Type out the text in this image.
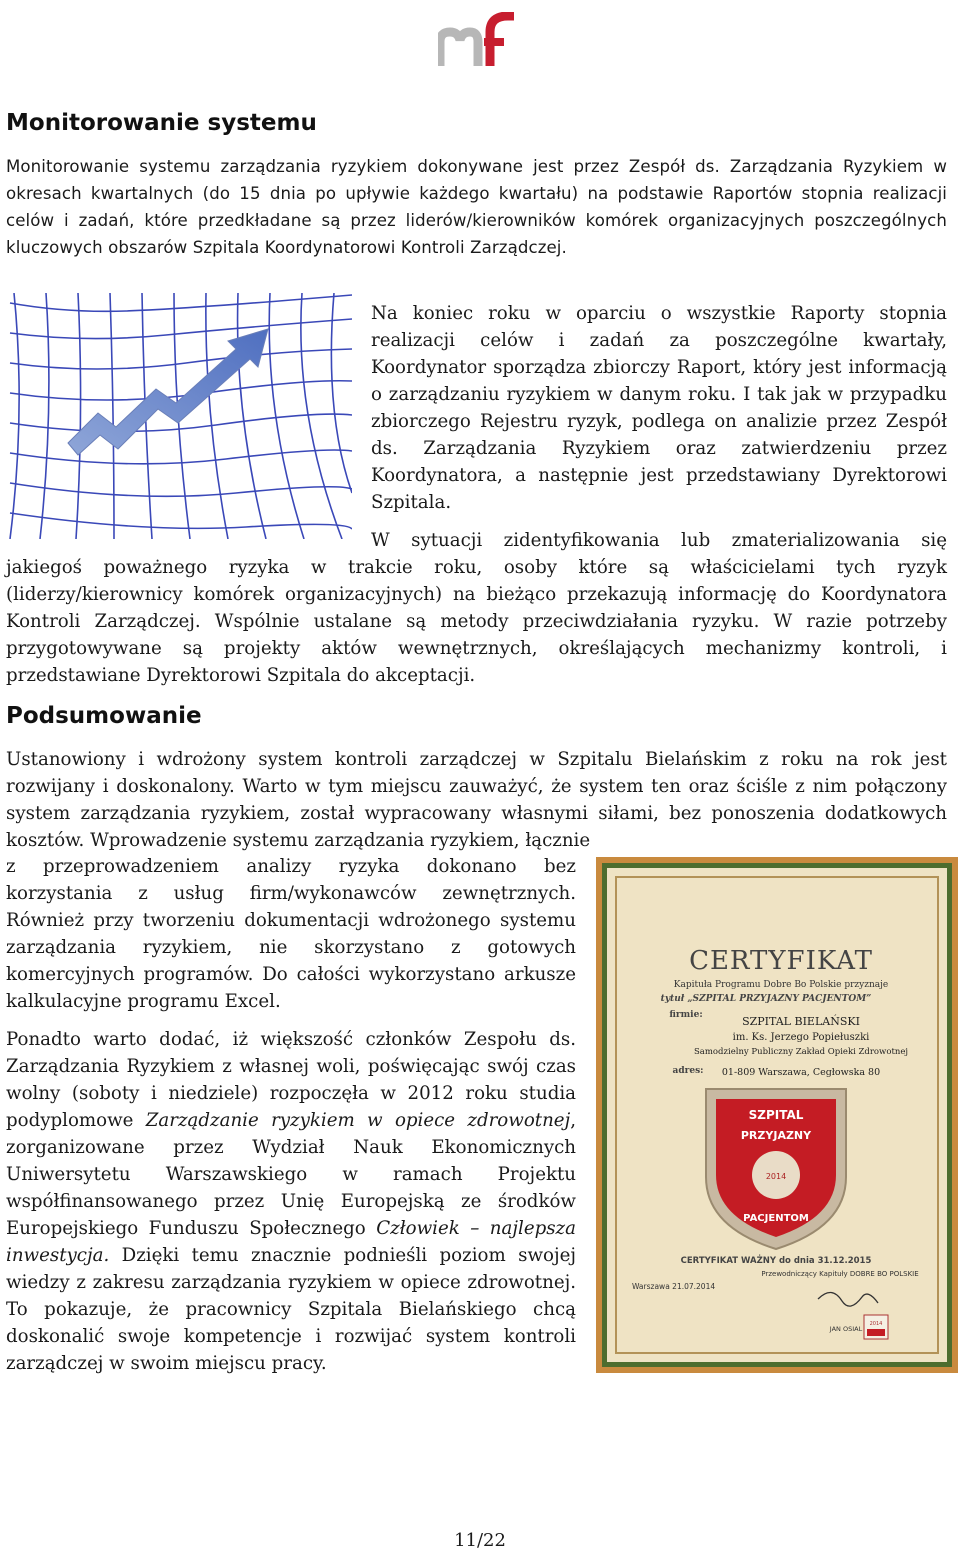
Monitorowanie systemu

Monitorowanie systemu zarządzania ryzykiem dokonywane jest przez Zespół ds. Zarządzania Ryzykiem w okresach kwartalnych (do 15 dnia po upływie każdego kwartału) na podstawie Raportów stopnia realizacji celów i zadań, które przedkładane są przez liderów/kierowników komórek organizacyjnych poszczególnych kluczowych obszarów Szpitala Koordynatorowi Kontroli Zarządczej.

Na koniec roku w oparciu o wszystkie Raporty stopnia realizacji celów i zadań za poszczególne kwartały, Koordynator sporządza zbiorczy Raport, który jest informacją o zarządzaniu ryzykiem w danym roku. I tak jak w przypadku zbiorczego Rejestru ryzyk, podlega on analizie przez Zespół ds. Zarządzania Ryzykiem oraz zatwierdzeniu przez Koordynatora, a następnie jest przedstawiany Dyrektorowi Szpitala.

W sytuacji zidentyfikowania lub zmaterializowania się jakiegoś poważnego ryzyka w trakcie roku, osoby które są właścicielami tych ryzyk (liderzy/kierownicy komórek organizacyjnych) na bieżąco przekazują informację do Koordynatora Kontroli Zarządczej. Wspólnie ustalane są metody przeciwdziałania ryzyku. W razie potrzeby przygotowywane są projekty aktów wewnętrznych, określających mechanizmy kontroli, i przedstawiane Dyrektorowi Szpitala do akceptacji.

Podsumowanie

Ustanowiony i wdrożony system kontroli zarządczej w Szpitalu Bielańskim z roku na rok jest rozwijany i doskonalony. Warto w tym miejscu zauważyć, że system ten oraz ściśle z nim połączony system zarządzania ryzykiem, został wypracowany własnymi siłami, bez ponoszenia dodatkowych kosztów. Wprowadzenie systemu zarządzania ryzykiem, łącznie

z przeprowadzeniem analizy ryzyka dokonano bez korzystania z usług firm/wykonawców zewnętrznych. Również przy tworzeniu dokumentacji wdrożonego systemu zarządzania ryzykiem, nie skorzystano z gotowych komercyjnych programów. Do całości wykorzystano arkusze kalkulacyjne programu Excel.

Ponadto warto dodać, iż większość członków Zespołu ds. Zarządzania Ryzykiem z własnej woli, poświęcając swój czas wolny (soboty i niedziele) rozpoczęła w 2012 roku studia podyplomowe Zarządzanie ryzykiem w opiece zdrowotnej, zorganizowane przez Wydział Nauk Ekonomicznych Uniwersytetu Warszawskiego w ramach Projektu współfinansowanego przez Unię Europejską ze środków Europejskiego Funduszu Społecznego Człowiek – najlepsza inwestycja. Dzięki temu znacznie podnieśli poziom swojej wiedzy z zakresu zarządzania ryzykiem w opiece zdrowotnej. To pokazuje, że pracownicy Szpitala Bielańskiego chcą doskonalić swoje kompetencje i rozwijać system kontroli zarządczej w swoim miejscu pracy.

CERTYFIKAT
Kapituła Programu Dobre Bo Polskie przyznaje
tytuł „SZPITAL PRZYJAZNY PACJENTOM”
firmie:	SZPITAL BIELAŃSKI
im. Ks. Jerzego Popiełuszki
Samodzielny Publiczny Zakład Opieki Zdrowotnej
adres: 01-809 Warszawa, Cegłowska 80
SZPITAL
PRZYJAZNY
2014
PACJENTOM
CERTYFIKAT WAŻNY do dnia 31.12.2015
Przewodniczący Kapituły DOBRE BO POLSKIE
Warszawa 21.07.2014
JAN OSIAL
2014
11/22
